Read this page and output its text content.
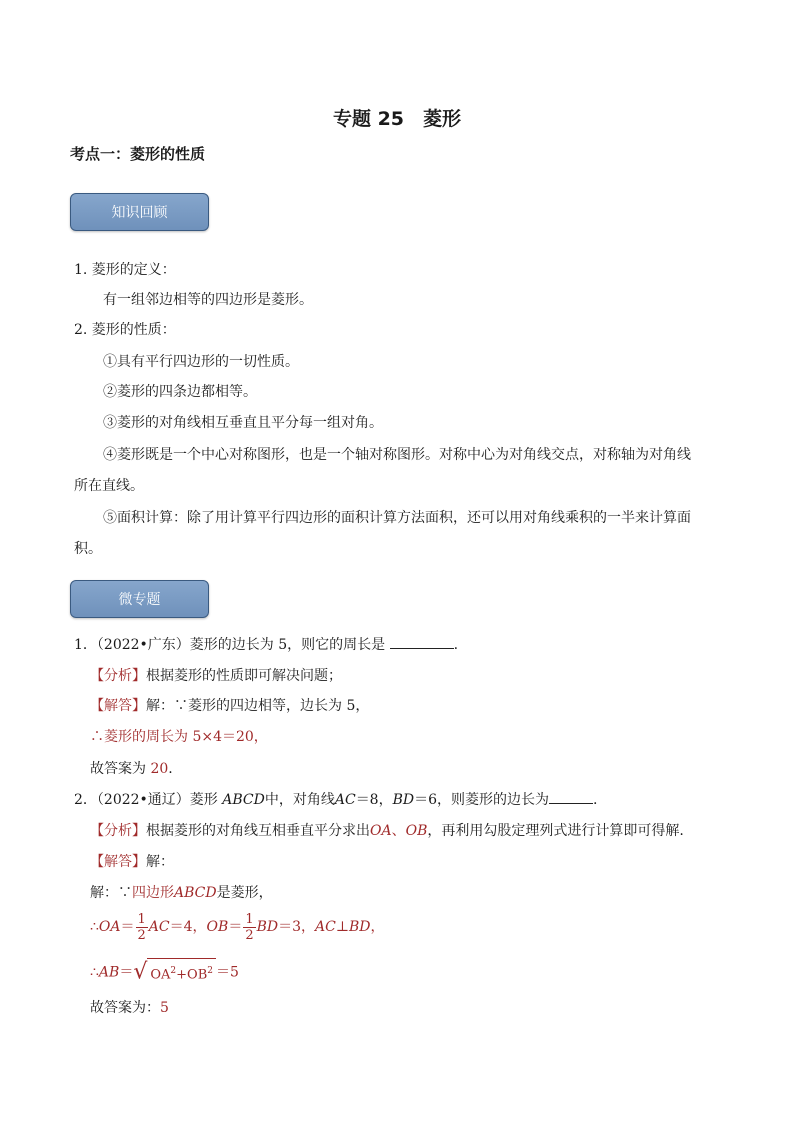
专题 25　菱形
考点一：菱形的性质
知识回顾
1. 菱形的定义：
有一组邻边相等的四边形是菱形。
2. 菱形的性质：
①具有平行四边形的一切性质。
②菱形的四条边都相等。
③菱形的对角线相互垂直且平分每一组对角。
④菱形既是一个中心对称图形，也是一个轴对称图形。对称中心为对角线交点，对称轴为对角线
所在直线。
⑤面积计算：除了用计算平行四边形的面积计算方法面积，还可以用对角线乘积的一半来计算面
积。
微专题
1．（2022•广东）菱形的边长为 5，则它的周长是	.
【分析】根据菱形的性质即可解决问题；
【解答】解：∵菱形的四边相等，边长为 5，
∴菱形的周长为 5×4＝20，
故答案为 20.
2．（2022•通辽）菱形 ABCD中，对角线AC＝8，BD＝6，则菱形的边长为	.
【分析】根据菱形的对角线互相垂直平分求出OA、OB，再利用勾股定理列式进行计算即可得解.
【解答】解：
解：∵四边形ABCD是菱形，
∴OA＝ $\frac{1}{2} AC=4$，$OB= \frac{1}{2} BD=3$，AC⊥BD，
∴AB＝√ $OA^2+OB^2 =5$
故答案为：5
